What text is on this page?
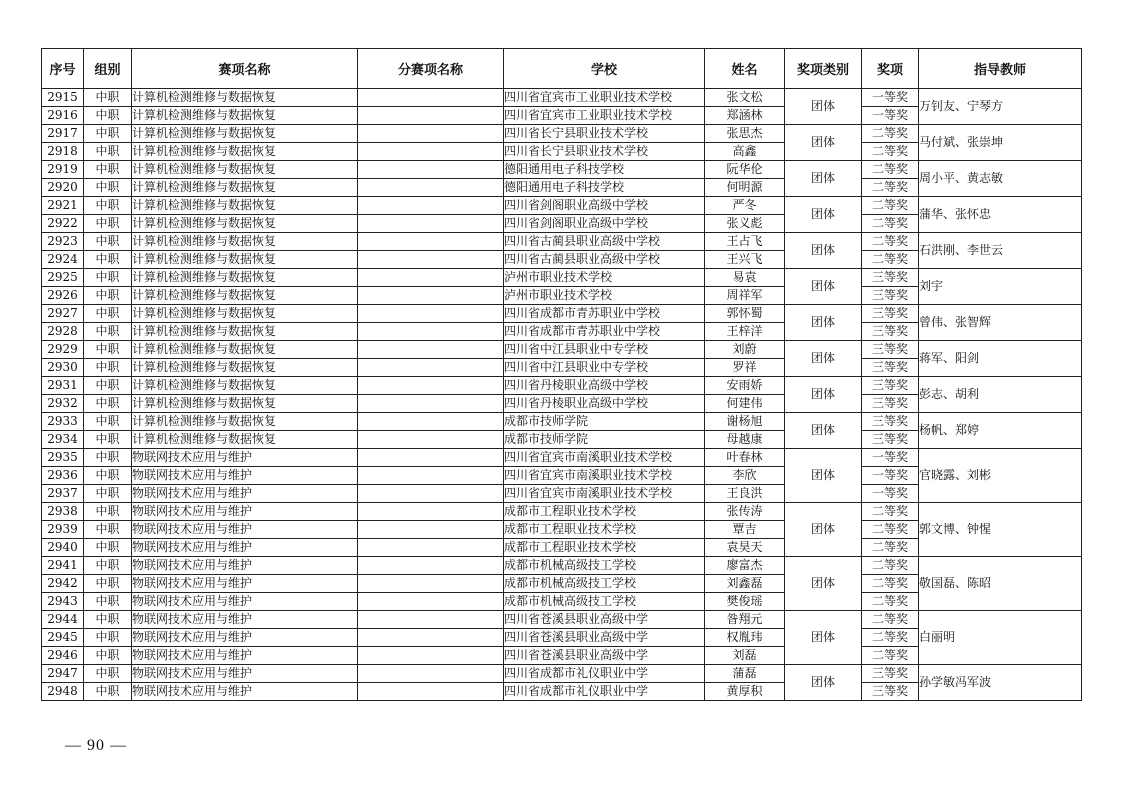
序号	组别	赛项名称	分赛项名称	学校	姓名	奖项类别	奖项	指导教师
2915	中职	计算机检测维修与数据恢复		四川省宜宾市工业职业技术学校	张文松	团体	一等奖	万钊友、宁琴方
2916	中职	计算机检测维修与数据恢复		四川省宜宾市工业职业技术学校	郑涵林		一等奖	
2917	中职	计算机检测维修与数据恢复		四川省长宁县职业技术学校	张思杰	团体	二等奖	马付斌、张崇坤
2918	中职	计算机检测维修与数据恢复		四川省长宁县职业技术学校	高鑫		二等奖	
2919	中职	计算机检测维修与数据恢复		德阳通用电子科技学校	阮华伦	团体	二等奖	周小平、黄志敏
2920	中职	计算机检测维修与数据恢复		德阳通用电子科技学校	何明源		二等奖	
2921	中职	计算机检测维修与数据恢复		四川省剑阁职业高级中学校	严冬	团体	二等奖	蒲华、张怀忠
2922	中职	计算机检测维修与数据恢复		四川省剑阁职业高级中学校	张义彪		二等奖	
2923	中职	计算机检测维修与数据恢复		四川省古蔺县职业高级中学校	王占飞	团体	二等奖	石洪刚、李世云
2924	中职	计算机检测维修与数据恢复		四川省古蔺县职业高级中学校	王兴飞		二等奖	
2925	中职	计算机检测维修与数据恢复		泸州市职业技术学校	易袁	团体	三等奖	刘宇
2926	中职	计算机检测维修与数据恢复		泸州市职业技术学校	周祥军		三等奖	
2927	中职	计算机检测维修与数据恢复		四川省成都市青苏职业中学校	郭怀蜀	团体	三等奖	曾伟、张智辉
2928	中职	计算机检测维修与数据恢复		四川省成都市青苏职业中学校	王梓洋		三等奖	
2929	中职	计算机检测维修与数据恢复		四川省中江县职业中专学校	刘蔚	团体	三等奖	蒋军、阳剑
2930	中职	计算机检测维修与数据恢复		四川省中江县职业中专学校	罗祥		三等奖	
2931	中职	计算机检测维修与数据恢复		四川省丹棱职业高级中学校	安雨娇	团体	三等奖	彭志、胡利
2932	中职	计算机检测维修与数据恢复		四川省丹棱职业高级中学校	何建伟		三等奖	
2933	中职	计算机检测维修与数据恢复		成都市技师学院	谢杨旭	团体	三等奖	杨帆、郑婷
2934	中职	计算机检测维修与数据恢复		成都市技师学院	母越康		三等奖	
2935	中职	物联网技术应用与维护		四川省宜宾市南溪职业技术学校	叶春林	团体	一等奖	官晓露、刘彬
2936	中职	物联网技术应用与维护		四川省宜宾市南溪职业技术学校	李欣		一等奖	
2937	中职	物联网技术应用与维护		四川省宜宾市南溪职业技术学校	王良洪		一等奖	
2938	中职	物联网技术应用与维护		成都市工程职业技术学校	张传涛	团体	二等奖	郭文博、钟惺
2939	中职	物联网技术应用与维护		成都市工程职业技术学校	覃吉		二等奖	
2940	中职	物联网技术应用与维护		成都市工程职业技术学校	袁昊天		二等奖	
2941	中职	物联网技术应用与维护		成都市机械高级技工学校	廖富杰	团体	二等奖	敬国磊、陈昭
2942	中职	物联网技术应用与维护		成都市机械高级技工学校	刘鑫磊		二等奖	
2943	中职	物联网技术应用与维护		成都市机械高级技工学校	樊俊瑶		二等奖	
2944	中职	物联网技术应用与维护		四川省苍溪县职业高级中学	昝翔元	团体	二等奖	白丽明
2945	中职	物联网技术应用与维护		四川省苍溪县职业高级中学	权胤玮		二等奖	
2946	中职	物联网技术应用与维护		四川省苍溪县职业高级中学	刘磊		二等奖	
2947	中职	物联网技术应用与维护		四川省成都市礼仪职业中学	蒲磊	团体	三等奖	孙学敏冯军波
2948	中职	物联网技术应用与维护		四川省成都市礼仪职业中学	黄厚积		三等奖	
— 90 —
